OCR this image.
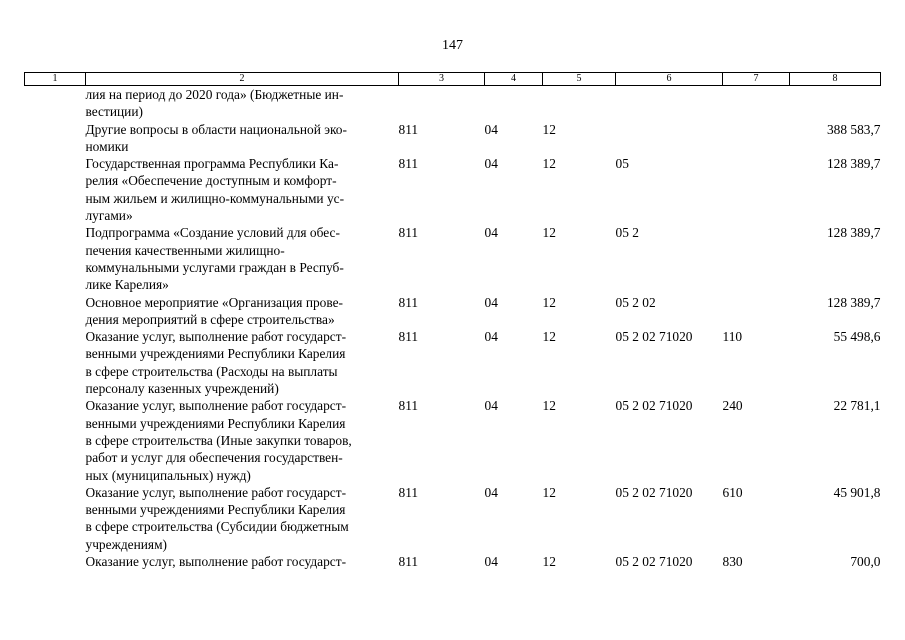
147
1	2	3	4	5	6	7	8
	лия на период до 2020 года» (Бюджетные ин-
вестиции)						
	Другие вопросы в области национальной эко-
номики	811	04	12			388 583,7
	Государственная программа Республики Ка-
релия «Обеспечение доступным и комфорт-
ным жильем и жилищно-коммунальными ус-
лугами»	811	04	12	05		128 389,7
	Подпрограмма «Создание условий для обес-
печения качественными жилищно-
коммунальными услугами граждан в Респуб-
лике Карелия»	811	04	12	05 2		128 389,7
	Основное мероприятие «Организация прове-
дения мероприятий в сфере строительства»	811	04	12	05 2 02		128 389,7
	Оказание услуг, выполнение работ государст-
венными учреждениями Республики Карелия
в сфере строительства (Расходы на выплаты
персоналу казенных учреждений)	811	04	12	05 2 02 71020	110	55 498,6
	Оказание услуг, выполнение работ государст-
венными учреждениями Республики Карелия
в сфере строительства (Иные закупки товаров,
работ и услуг для обеспечения государствен-
ных (муниципальных) нужд)	811	04	12	05 2 02 71020	240	22 781,1
	Оказание услуг, выполнение работ государст-
венными учреждениями Республики Карелия
в сфере строительства (Субсидии бюджетным
учреждениям)	811	04	12	05 2 02 71020	610	45 901,8
	Оказание услуг, выполнение работ государст-	811	04	12	05 2 02 71020	830	700,0
